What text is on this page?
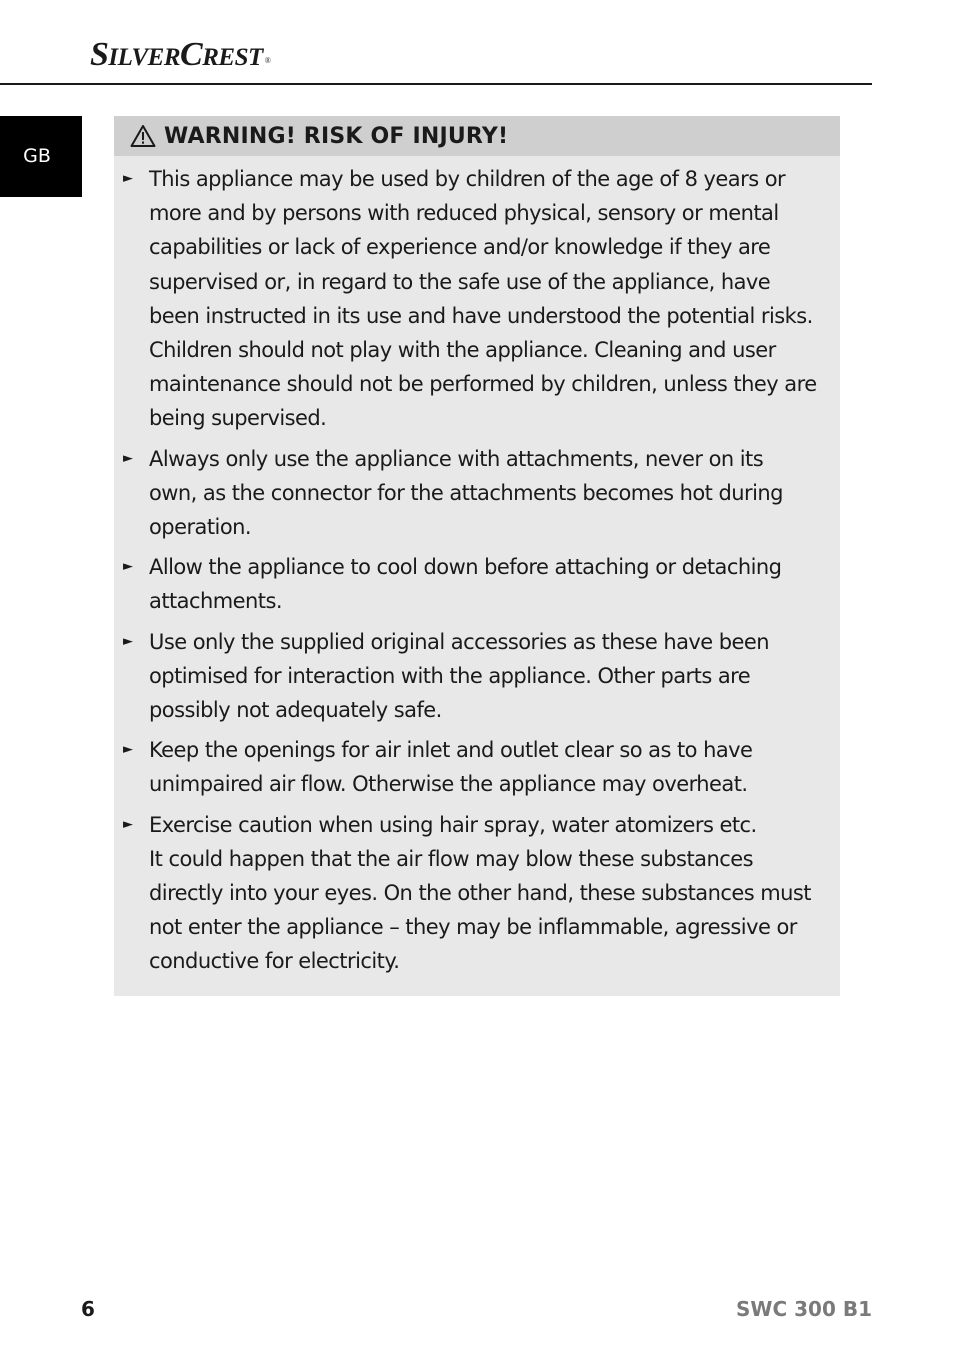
SILVERCREST ®
GB
WARNING! RISK OF INJURY!
► This appliance may be used by children of the age of 8 years or
more and by persons with reduced physical, sensory or mental
capabilities or lack of experience and/or knowledge if they are
supervised or, in regard to the safe use of the appliance, have
been instructed in its use and have understood the potential risks.
Children should not play with the appliance. Cleaning and user
maintenance should not be performed by children, unless they are
being supervised.
► Always only use the appliance with attachments, never on its
own, as the connector for the attachments becomes hot during
operation.
► Allow the appliance to cool down before attaching or detaching
attachments.
► Use only the supplied original accessories as these have been
optimised for interaction with the appliance. Other parts are
possibly not adequately safe.
► Keep the openings for air inlet and outlet clear so as to have
unimpaired air flow. Otherwise the appliance may overheat.
► Exercise caution when using hair spray, water atomizers etc.
It could happen that the air flow may blow these substances
directly into your eyes. On the other hand, these substances must
not enter the appliance – they may be inflammable, agressive or
conductive for electricity.
6	SWC 300 B1
